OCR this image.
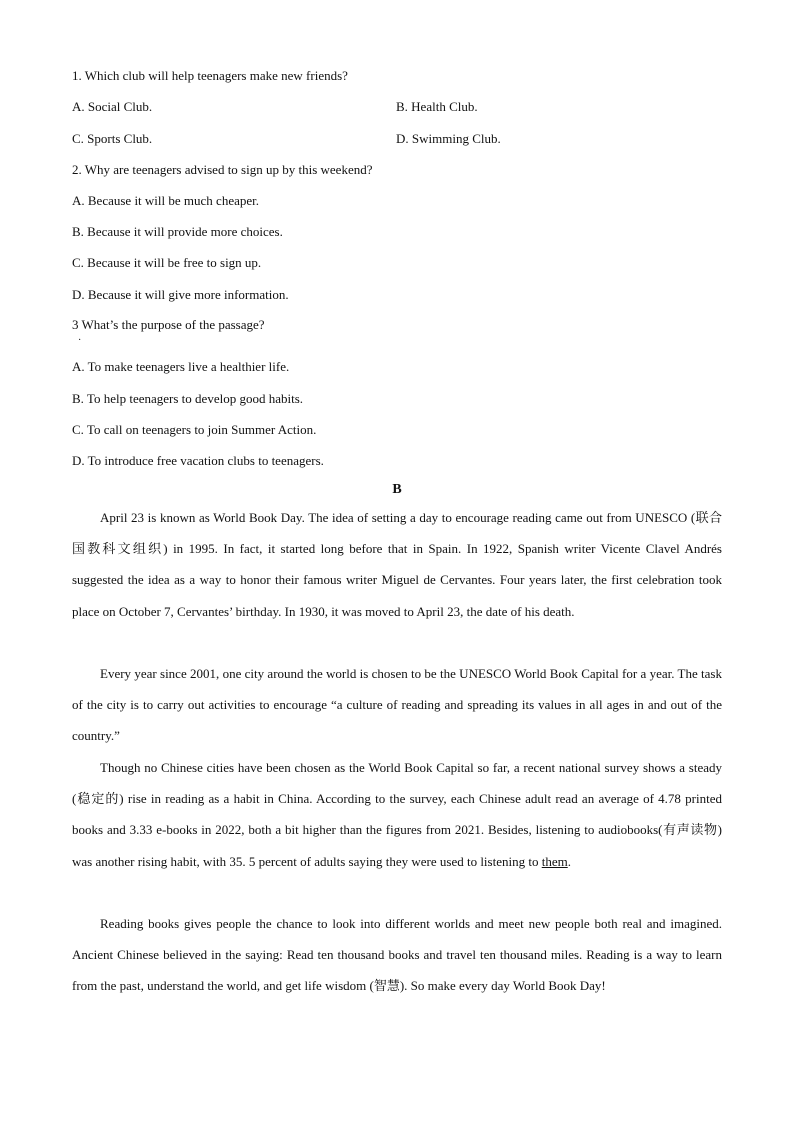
1. Which club will help teenagers make new friends?
A. Social Club.	B. Health Club.
C. Sports Club.	D. Swimming Club.
2. Why are teenagers advised to sign up by this weekend?
A. Because it will be much cheaper.
B. Because it will provide more choices.
C. Because it will be free to sign up.
D. Because it will give more information.
3 What’s the purpose of the passage?
·
A. To make teenagers live a healthier life.
B. To help teenagers to develop good habits.
C. To call on teenagers to join Summer Action.
D. To introduce free vacation clubs to teenagers.
B
April 23 is known as World Book Day. The idea of setting a day to encourage reading came out from UNESCO (联合国教科文组织) in 1995. In fact, it started long before that in Spain. In 1922, Spanish writer Vicente Clavel Andrés suggested the idea as a way to honor their famous writer Miguel de Cervantes. Four years later, the first celebration took place on October 7, Cervantes’ birthday. In 1930, it was moved to April 23, the date of his death.
Every year since 2001, one city around the world is chosen to be the UNESCO World Book Capital for a year. The task of the city is to carry out activities to encourage “a culture of reading and spreading its values in all ages in and out of the country.”
Though no Chinese cities have been chosen as the World Book Capital so far, a recent national survey shows a steady (稳定的) rise in reading as a habit in China. According to the survey, each Chinese adult read an average of 4.78 printed books and 3.33 e-books in 2022, both a bit higher than the figures from 2021. Besides, listening to audiobooks(有声读物) was another rising habit, with 35. 5 percent of adults saying they were used to listening to them.
Reading books gives people the chance to look into different worlds and meet new people both real and imagined. Ancient Chinese believed in the saying: Read ten thousand books and travel ten thousand miles. Reading is a way to learn from the past, understand the world, and get life wisdom (智慧). So make every day World Book Day!
